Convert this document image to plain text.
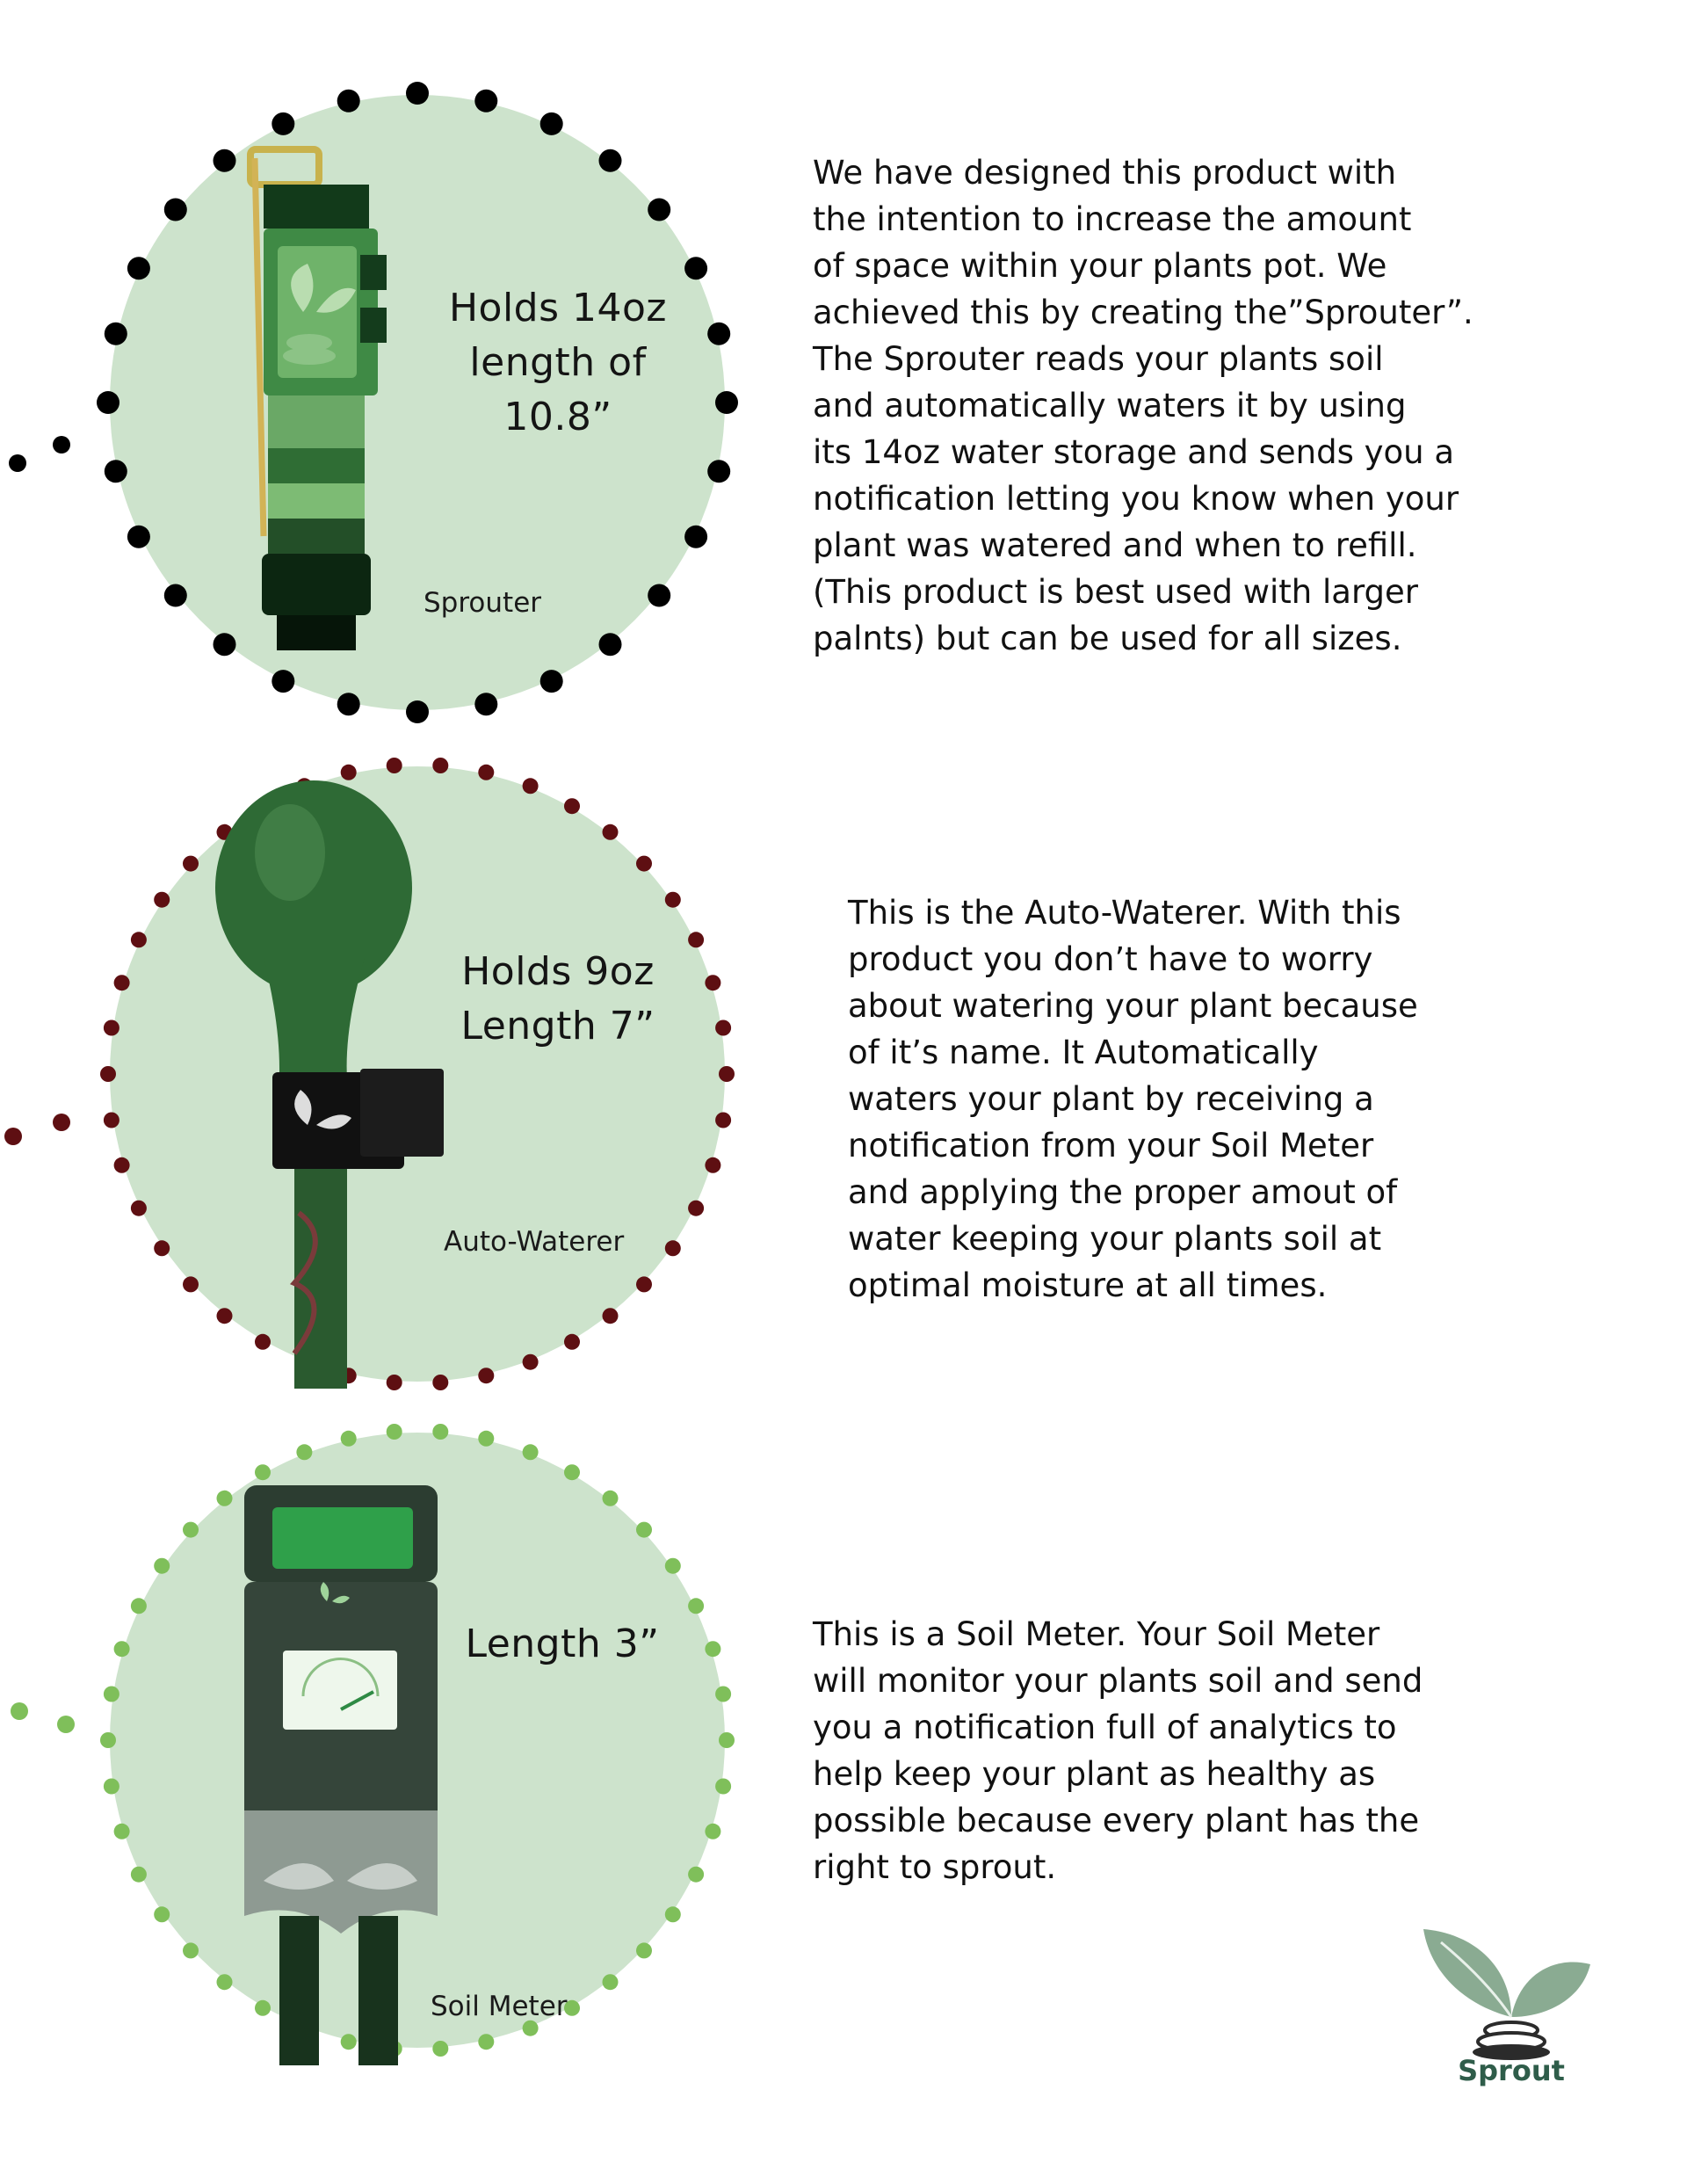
Holds 14oz
length of
10.8”
Sprouter
We have designed this product with
the intention to increase the amount
of space within your plants pot. We
achieved this by creating the”Sprouter”.
The Sprouter reads your plants soil
and automatically waters it by using
its 14oz water storage and sends you a
notification letting you know when your
plant was watered and when to refill.
(This product is best used with larger
palnts) but can be used for all sizes.
Holds 9oz
Length 7”
Auto-Waterer
This is the Auto-Waterer. With this
product you don’t have to worry
about watering your plant because
of it’s name. It Automatically
waters your plant by receiving a
notification from your Soil Meter
and applying the proper amout of
water keeping your plants soil at
optimal moisture at all times.
Length 3”
Soil Meter
This is a Soil Meter. Your Soil Meter
will monitor your plants soil and send
you a notification full of analytics to
help keep your plant as healthy as
possible because every plant has the
right to sprout.
Sprout
